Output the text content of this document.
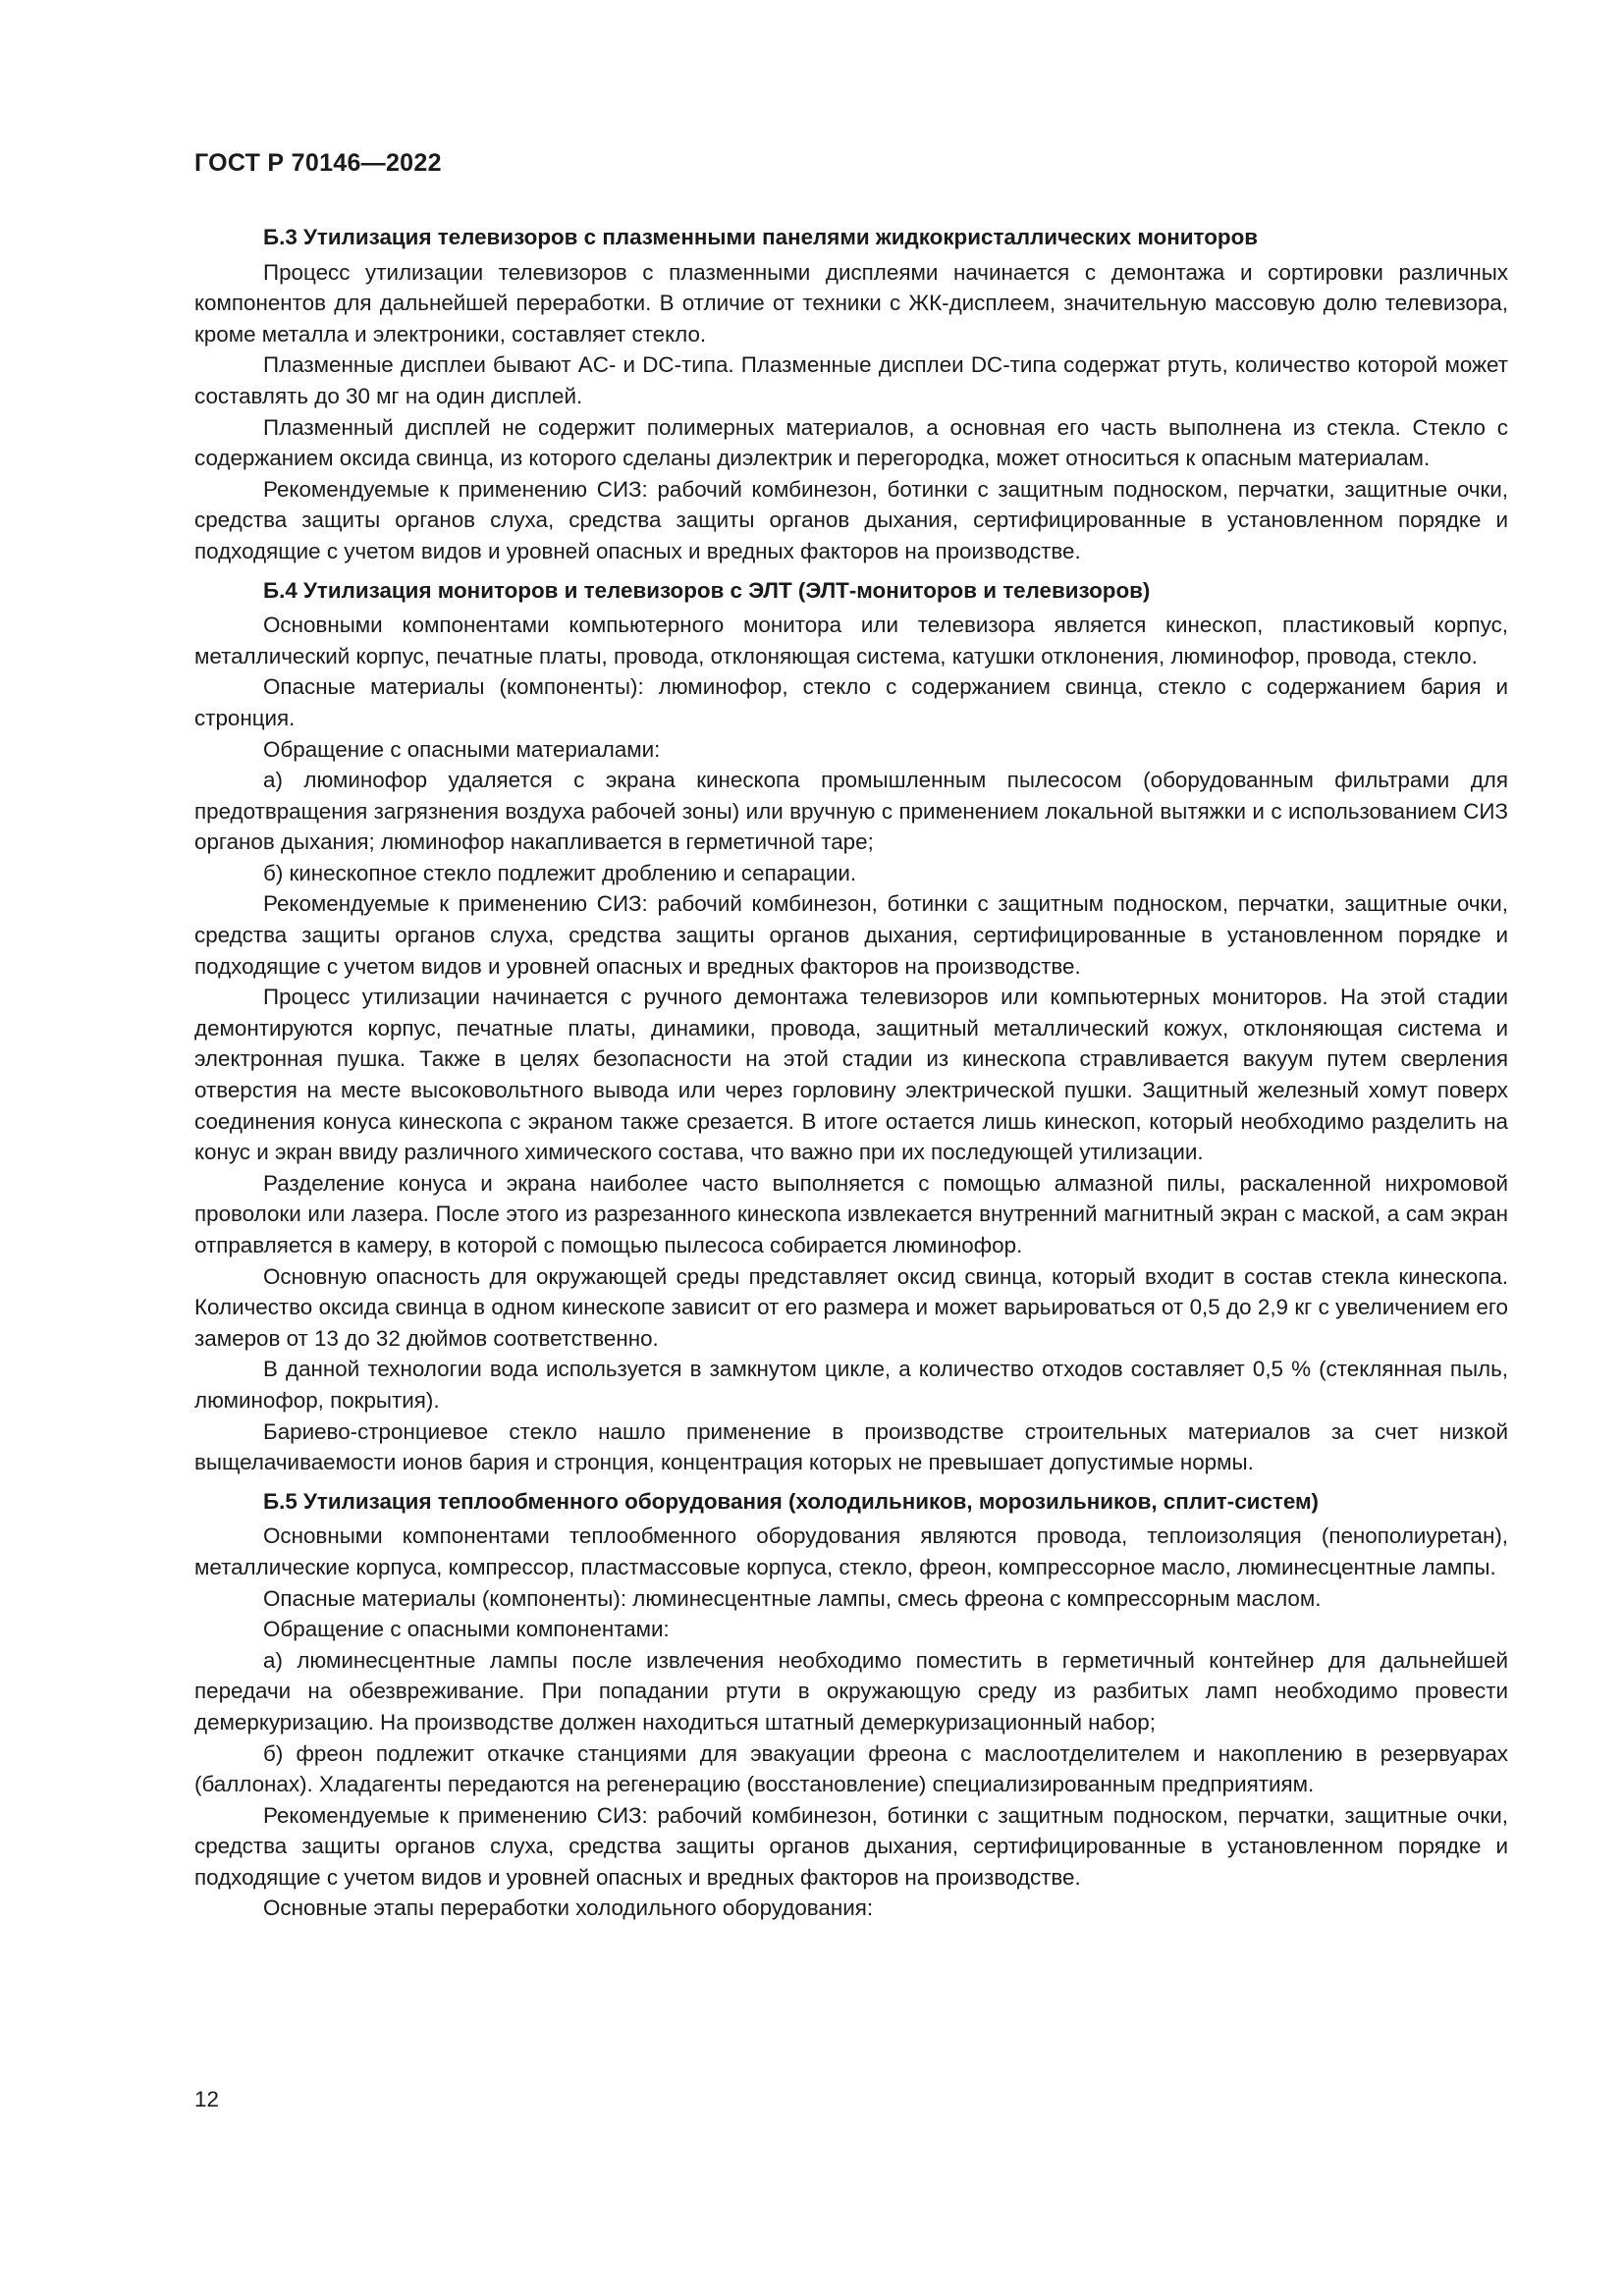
ГОСТ Р 70146—2022
Б.3 Утилизация телевизоров с плазменными панелями жидкокристаллических мониторов

Процесс утилизации телевизоров с плазменными дисплеями начинается с демонтажа и сортировки различных компонентов для дальнейшей переработки. В отличие от техники с ЖК-дисплеем, значительную массовую долю телевизора, кроме металла и электроники, составляет стекло.

Плазменные дисплеи бывают AC- и DC-типа. Плазменные дисплеи DC-типа содержат ртуть, количество которой может составлять до 30 мг на один дисплей.

Плазменный дисплей не содержит полимерных материалов, а основная его часть выполнена из стекла. Стекло с содержанием оксида свинца, из которого сделаны диэлектрик и перегородка, может относиться к опасным материалам.

Рекомендуемые к применению СИЗ: рабочий комбинезон, ботинки с защитным подноском, перчатки, защитные очки, средства защиты органов слуха, средства защиты органов дыхания, сертифицированные в установленном порядке и подходящие с учетом видов и уровней опасных и вредных факторов на производстве.

Б.4 Утилизация мониторов и телевизоров с ЭЛТ (ЭЛТ-мониторов и телевизоров)

Основными компонентами компьютерного монитора или телевизора является кинескоп, пластиковый корпус, металлический корпус, печатные платы, провода, отклоняющая система, катушки отклонения, люминофор, провода, стекло.

Опасные материалы (компоненты): люминофор, стекло с содержанием свинца, стекло с содержанием бария и стронция.

Обращение с опасными материалами:

а) люминофор удаляется с экрана кинескопа промышленным пылесосом (оборудованным фильтрами для предотвращения загрязнения воздуха рабочей зоны) или вручную с применением локальной вытяжки и с использованием СИЗ органов дыхания; люминофор накапливается в герметичной таре;

б) кинескопное стекло подлежит дроблению и сепарации.

Рекомендуемые к применению СИЗ: рабочий комбинезон, ботинки с защитным подноском, перчатки, защитные очки, средства защиты органов слуха, средства защиты органов дыхания, сертифицированные в установленном порядке и подходящие с учетом видов и уровней опасных и вредных факторов на производстве.

Процесс утилизации начинается с ручного демонтажа телевизоров или компьютерных мониторов. На этой стадии демонтируются корпус, печатные платы, динамики, провода, защитный металлический кожух, отклоняющая система и электронная пушка. Также в целях безопасности на этой стадии из кинескопа стравливается вакуум путем сверления отверстия на месте высоковольтного вывода или через горловину электрической пушки. Защитный железный хомут поверх соединения конуса кинескопа с экраном также срезается. В итоге остается лишь кинескоп, который необходимо разделить на конус и экран ввиду различного химического состава, что важно при их последующей утилизации.

Разделение конуса и экрана наиболее часто выполняется с помощью алмазной пилы, раскаленной нихромовой проволоки или лазера. После этого из разрезанного кинескопа извлекается внутренний магнитный экран с маской, а сам экран отправляется в камеру, в которой с помощью пылесоса собирается люминофор.

Основную опасность для окружающей среды представляет оксид свинца, который входит в состав стекла кинескопа. Количество оксида свинца в одном кинескопе зависит от его размера и может варьироваться от 0,5 до 2,9 кг с увеличением его замеров от 13 до 32 дюймов соответственно.

В данной технологии вода используется в замкнутом цикле, а количество отходов составляет 0,5 % (стеклянная пыль, люминофор, покрытия).

Бариево-стронциевое стекло нашло применение в производстве строительных материалов за счет низкой выщелачиваемости ионов бария и стронция, концентрация которых не превышает допустимые нормы.

Б.5 Утилизация теплообменного оборудования (холодильников, морозильников, сплит-систем)

Основными компонентами теплообменного оборудования являются провода, теплоизоляция (пенополиуретан), металлические корпуса, компрессор, пластмассовые корпуса, стекло, фреон, компрессорное масло, люминесцентные лампы.

Опасные материалы (компоненты): люминесцентные лампы, смесь фреона с компрессорным маслом.

Обращение с опасными компонентами:

а) люминесцентные лампы после извлечения необходимо поместить в герметичный контейнер для дальнейшей передачи на обезвреживание. При попадании ртути в окружающую среду из разбитых ламп необходимо провести демеркуризацию. На производстве должен находиться штатный демеркуризационный набор;

б) фреон подлежит откачке станциями для эвакуации фреона с маслоотделителем и накоплению в резервуарах (баллонах). Хладагенты передаются на регенерацию (восстановление) специализированным предприятиям.

Рекомендуемые к применению СИЗ: рабочий комбинезон, ботинки с защитным подноском, перчатки, защитные очки, средства защиты органов слуха, средства защиты органов дыхания, сертифицированные в установленном порядке и подходящие с учетом видов и уровней опасных и вредных факторов на производстве.

Основные этапы переработки холодильного оборудования:

12
